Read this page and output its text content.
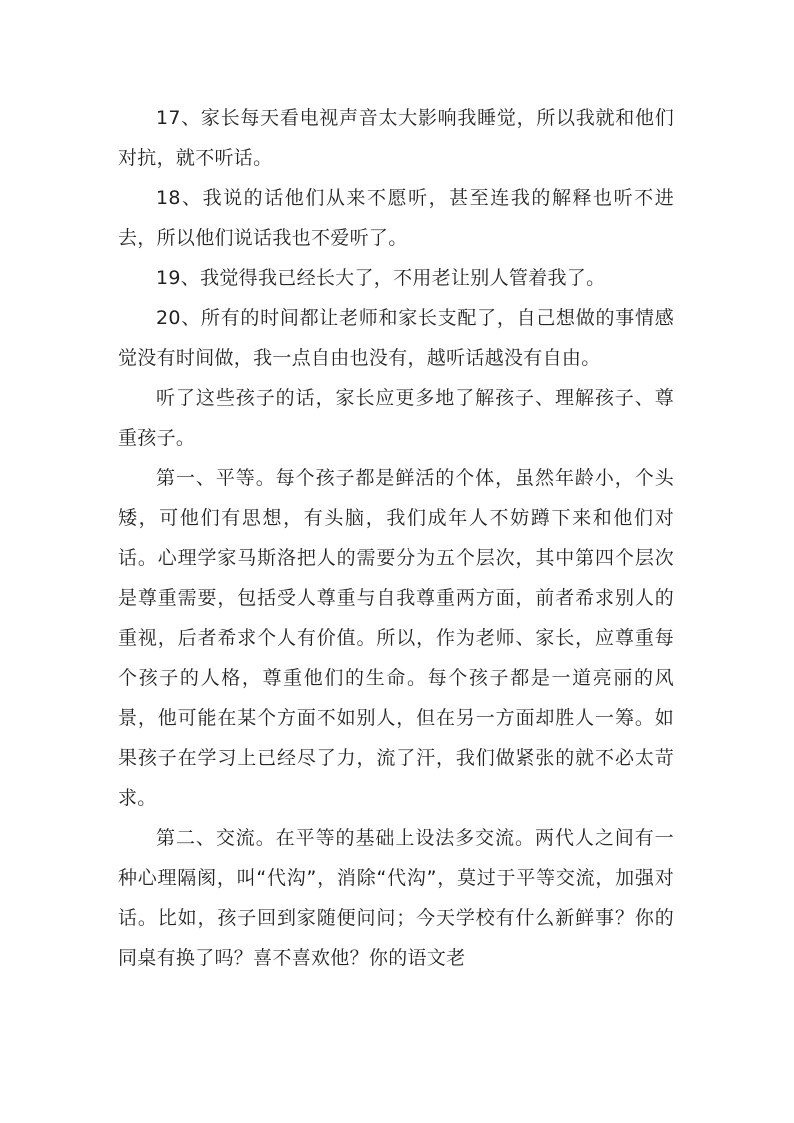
17、家长每天看电视声音太大影响我睡觉，所以我就和他们对抗，就不听话。

18、我说的话他们从来不愿听，甚至连我的解释也听不进去，所以他们说话我也不爱听了。

19、我觉得我已经长大了，不用老让别人管着我了。

20、所有的时间都让老师和家长支配了，自己想做的事情感觉没有时间做，我一点自由也没有，越听话越没有自由。

听了这些孩子的话，家长应更多地了解孩子、理解孩子、尊重孩子。

第一、平等。每个孩子都是鲜活的个体，虽然年龄小，个头矮，可他们有思想，有头脑，我们成年人不妨蹲下来和他们对话。心理学家马斯洛把人的需要分为五个层次，其中第四个层次是尊重需要，包括受人尊重与自我尊重两方面，前者希求别人的重视，后者希求个人有价值。所以，作为老师、家长，应尊重每个孩子的人格，尊重他们的生命。每个孩子都是一道亮丽的风景，他可能在某个方面不如别人，但在另一方面却胜人一筹。如果孩子在学习上已经尽了力，流了汗，我们做紧张的就不必太苛求。

第二、交流。在平等的基础上设法多交流。两代人之间有一种心理隔阂，叫“代沟”，消除“代沟”，莫过于平等交流，加强对话。比如，孩子回到家随便问问；今天学校有什么新鲜事？你的同桌有换了吗？喜不喜欢他？你的语文老
